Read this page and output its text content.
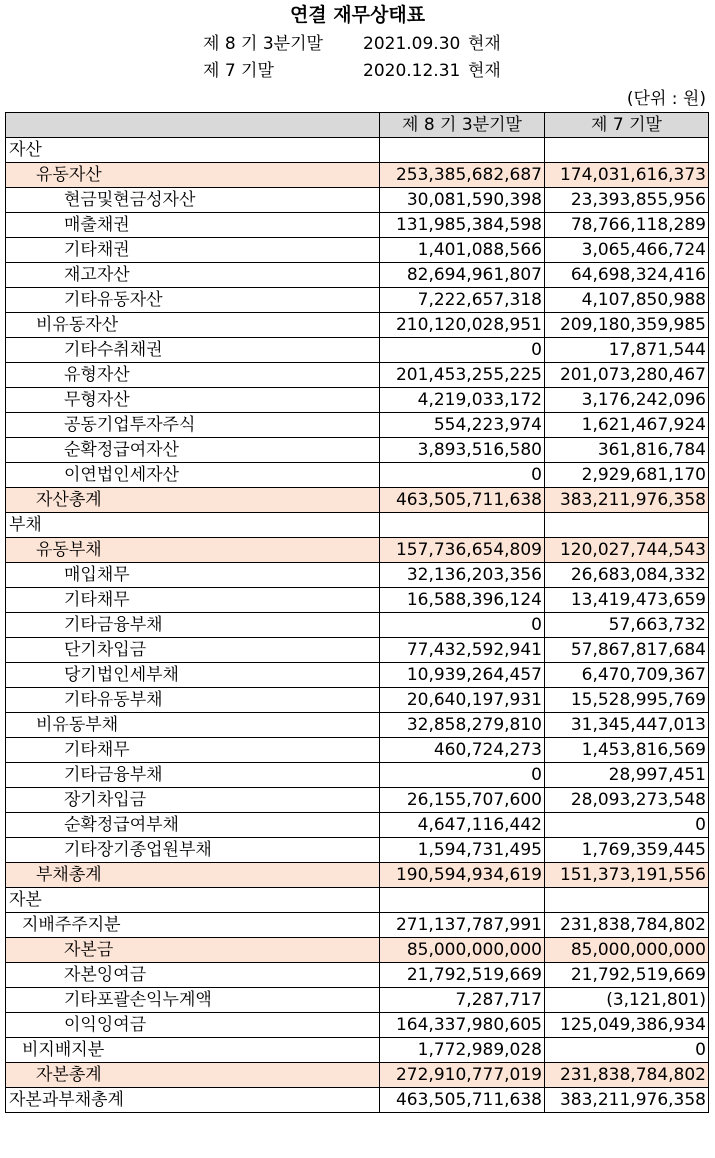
연결 재무상태표
제 8 기 3분기말 2021.09.30 현재
제 7 기말	2020.12.31 현재
(단위 : 원)
	제 8 기 3분기말	제 7 기말
자산		
유동자산	253,385,682,687	174,031,616,373
현금및현금성자산	30,081,590,398	23,393,855,956
매출채권	131,985,384,598	78,766,118,289
기타채권	1,401,088,566	3,065,466,724
재고자산	82,694,961,807	64,698,324,416
기타유동자산	7,222,657,318	4,107,850,988
비유동자산	210,120,028,951	209,180,359,985
기타수취채권	0	17,871,544
유형자산	201,453,255,225	201,073,280,467
무형자산	4,219,033,172	3,176,242,096
공동기업투자주식	554,223,974	1,621,467,924
순확정급여자산	3,893,516,580	361,816,784
이연법인세자산	0	2,929,681,170
자산총계	463,505,711,638	383,211,976,358
부채		
유동부채	157,736,654,809	120,027,744,543
매입채무	32,136,203,356	26,683,084,332
기타채무	16,588,396,124	13,419,473,659
기타금융부채	0	57,663,732
단기차입금	77,432,592,941	57,867,817,684
당기법인세부채	10,939,264,457	6,470,709,367
기타유동부채	20,640,197,931	15,528,995,769
비유동부채	32,858,279,810	31,345,447,013
기타채무	460,724,273	1,453,816,569
기타금융부채	0	28,997,451
장기차입금	26,155,707,600	28,093,273,548
순확정급여부채	4,647,116,442	0
기타장기종업원부채	1,594,731,495	1,769,359,445
부채총계	190,594,934,619	151,373,191,556
자본		
지배주주지분	271,137,787,991	231,838,784,802
자본금	85,000,000,000	85,000,000,000
자본잉여금	21,792,519,669	21,792,519,669
기타포괄손익누계액	7,287,717	(3,121,801)
이익잉여금	164,337,980,605	125,049,386,934
비지배지분	1,772,989,028	0
자본총계	272,910,777,019	231,838,784,802
자본과부채총계	463,505,711,638	383,211,976,358
